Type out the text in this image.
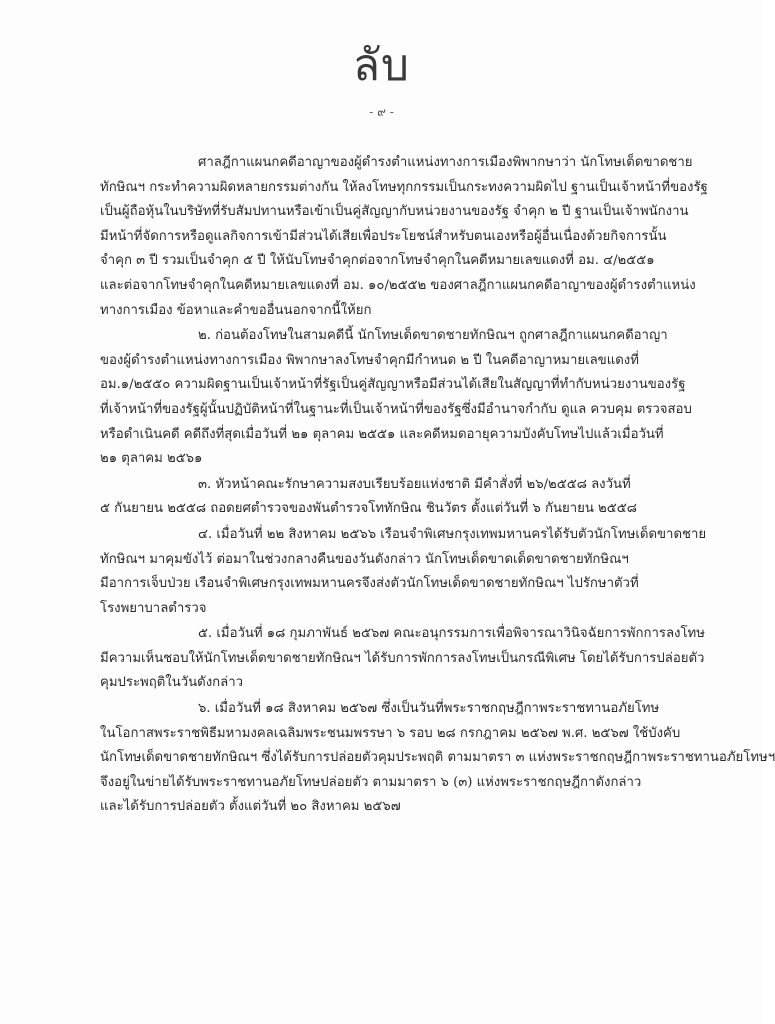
ลับ
- ๙ -
ศาลฎีกาแผนกคดีอาญาของผู้ดำรงตำแหน่งทางการเมืองพิพากษาว่า นักโทษเด็ดขาดชาย
ทักษิณฯ กระทำความผิดหลายกรรมต่างกัน ให้ลงโทษทุกกรรมเป็นกระทงความผิดไป ฐานเป็นเจ้าหน้าที่ของรัฐ
เป็นผู้ถือหุ้นในบริษัทที่รับสัมปทานหรือเข้าเป็นคู่สัญญากับหน่วยงานของรัฐ จำคุก ๒ ปี ฐานเป็นเจ้าพนักงาน
มีหน้าที่จัดการหรือดูแลกิจการเข้ามีส่วนได้เสียเพื่อประโยชน์สำหรับตนเองหรือผู้อื่นเนื่องด้วยกิจการนั้น
จำคุก ๓ ปี รวมเป็นจำคุก ๕ ปี ให้นับโทษจำคุกต่อจากโทษจำคุกในคดีหมายเลขแดงที่ อม. ๔/๒๕๕๑
และต่อจากโทษจำคุกในคดีหมายเลขแดงที่ อม. ๑๐/๒๕๕๒ ของศาลฎีกาแผนกคดีอาญาของผู้ดำรงตำแหน่ง
ทางการเมือง ข้อหาและคำขออื่นนอกจากนี้ให้ยก
๒. ก่อนต้องโทษในสามคดีนี้ นักโทษเด็ดขาดชายทักษิณฯ ถูกศาลฎีกาแผนกคดีอาญา
ของผู้ดำรงตำแหน่งทางการเมือง พิพากษาลงโทษจำคุกมีกำหนด ๒ ปี ในคดีอาญาหมายเลขแดงที่
อม.๑/๒๕๕๐ ความผิดฐานเป็นเจ้าหน้าที่รัฐเป็นคู่สัญญาหรือมีส่วนได้เสียในสัญญาที่ทำกับหน่วยงานของรัฐ
ที่เจ้าหน้าที่ของรัฐผู้นั้นปฏิบัติหน้าที่ในฐานะที่เป็นเจ้าหน้าที่ของรัฐซึ่งมีอำนาจกำกับ ดูแล ควบคุม ตรวจสอบ
หรือดำเนินคดี คดีถึงที่สุดเมื่อวันที่ ๒๑ ตุลาคม ๒๕๕๑ และคดีหมดอายุความบังคับโทษไปแล้วเมื่อวันที่
๒๑ ตุลาคม ๒๕๖๑
๓. หัวหน้าคณะรักษาความสงบเรียบร้อยแห่งชาติ มีคำสั่งที่ ๒๖/๒๕๕๘ ลงวันที่
๕ กันยายน ๒๕๕๘ ถอดยศตำรวจของพันตำรวจโททักษิณ ชินวัตร ตั้งแต่วันที่ ๖ กันยายน ๒๕๕๘
๔. เมื่อวันที่ ๒๒ สิงหาคม ๒๕๖๖ เรือนจำพิเศษกรุงเทพมหานครได้รับตัวนักโทษเด็ดขาดชาย
ทักษิณฯ มาคุมขังไว้ ต่อมาในช่วงกลางคืนของวันดังกล่าว นักโทษเด็ดขาดเด็ดขาดชายทักษิณฯ
มีอาการเจ็บป่วย เรือนจำพิเศษกรุงเทพมหานครจึงส่งตัวนักโทษเด็ดขาดชายทักษิณฯ ไปรักษาตัวที่
โรงพยาบาลตำรวจ
๕. เมื่อวันที่ ๑๘ กุมภาพันธ์ ๒๕๖๗ คณะอนุกรรมการเพื่อพิจารณาวินิจฉัยการพักการลงโทษ
มีความเห็นชอบให้นักโทษเด็ดขาดชายทักษิณฯ ได้รับการพักการลงโทษเป็นกรณีพิเศษ โดยได้รับการปล่อยตัว
คุมประพฤติในวันดังกล่าว
๖. เมื่อวันที่ ๑๘ สิงหาคม ๒๕๖๗ ซึ่งเป็นวันที่พระราชกฤษฎีกาพระราชทานอภัยโทษ
ในโอกาสพระราชพิธีมหามงคลเฉลิมพระชนมพรรษา ๖ รอบ ๒๘ กรกฎาคม ๒๕๖๗ พ.ศ. ๒๕๖๗ ใช้บังคับ
นักโทษเด็ดขาดชายทักษิณฯ ซึ่งได้รับการปล่อยตัวคุมประพฤติ ตามมาตรา ๓ แห่งพระราชกฤษฎีกาพระราชทานอภัยโทษฯ
จึงอยู่ในข่ายได้รับพระราชทานอภัยโทษปล่อยตัว ตามมาตรา ๖ (๓) แห่งพระราชกฤษฎีกาดังกล่าว
และได้รับการปล่อยตัว ตั้งแต่วันที่ ๒๐ สิงหาคม ๒๕๖๗
